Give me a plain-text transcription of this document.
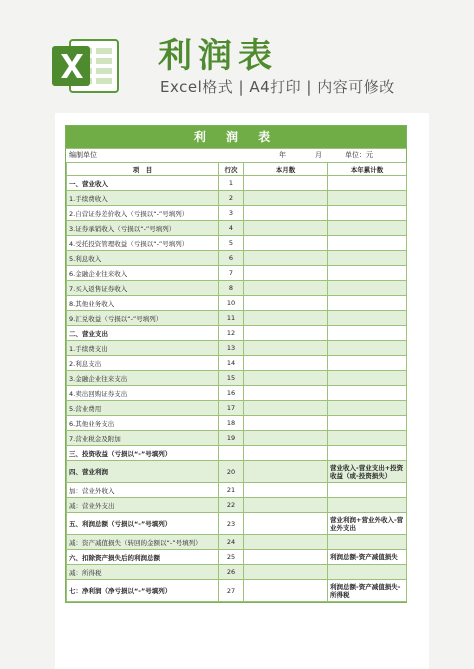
利润表
Excel格式 | A4打印 | 内容可修改
利 润 表
编制单位	年	月	单位：元
项　目	行次	本月数	本年累计数
一、营业收入	1		
1.手续费收入	2		
2.自营证券差价收入（亏损以“-”号填列）	3		
3.证券承销收入（亏损以“-”号填列）	4		
4.受托投资管理收益（亏损以“-”号填列）	5		
5.利息收入	6		
6.金融企业往来收入	7		
7.买入返售证券收入	8		
8.其他业务收入	10		
9.汇兑收益（亏损以“-”号填列）	11		
二、营业支出	12		
1.手续费支出	13		
2.利息支出	14		
3.金融企业往来支出	15		
4.卖出回购证券支出	16		
5.营业费用	17		
6.其他业务支出	18		
7.营业税金及附加	19		
三、投资收益（亏损以“-”号填列）			
四、营业利润	20		营业收入-营业支出+投资收益（或-投资损失）
加：营业外收入	21		
减：营业外支出	22		
五、利润总额（亏损以“-”号填列）	23		营业利润+营业外收入-营业外支出
减：资产减值损失（转回的金额以“-”号填列）	24		
六、扣除资产损失后的利润总额	25		利润总额-资产减值损失
减：所得税	26		
七：净利润（净亏损以“-”号填列）	27		利润总额-资产减值损失-所得税
